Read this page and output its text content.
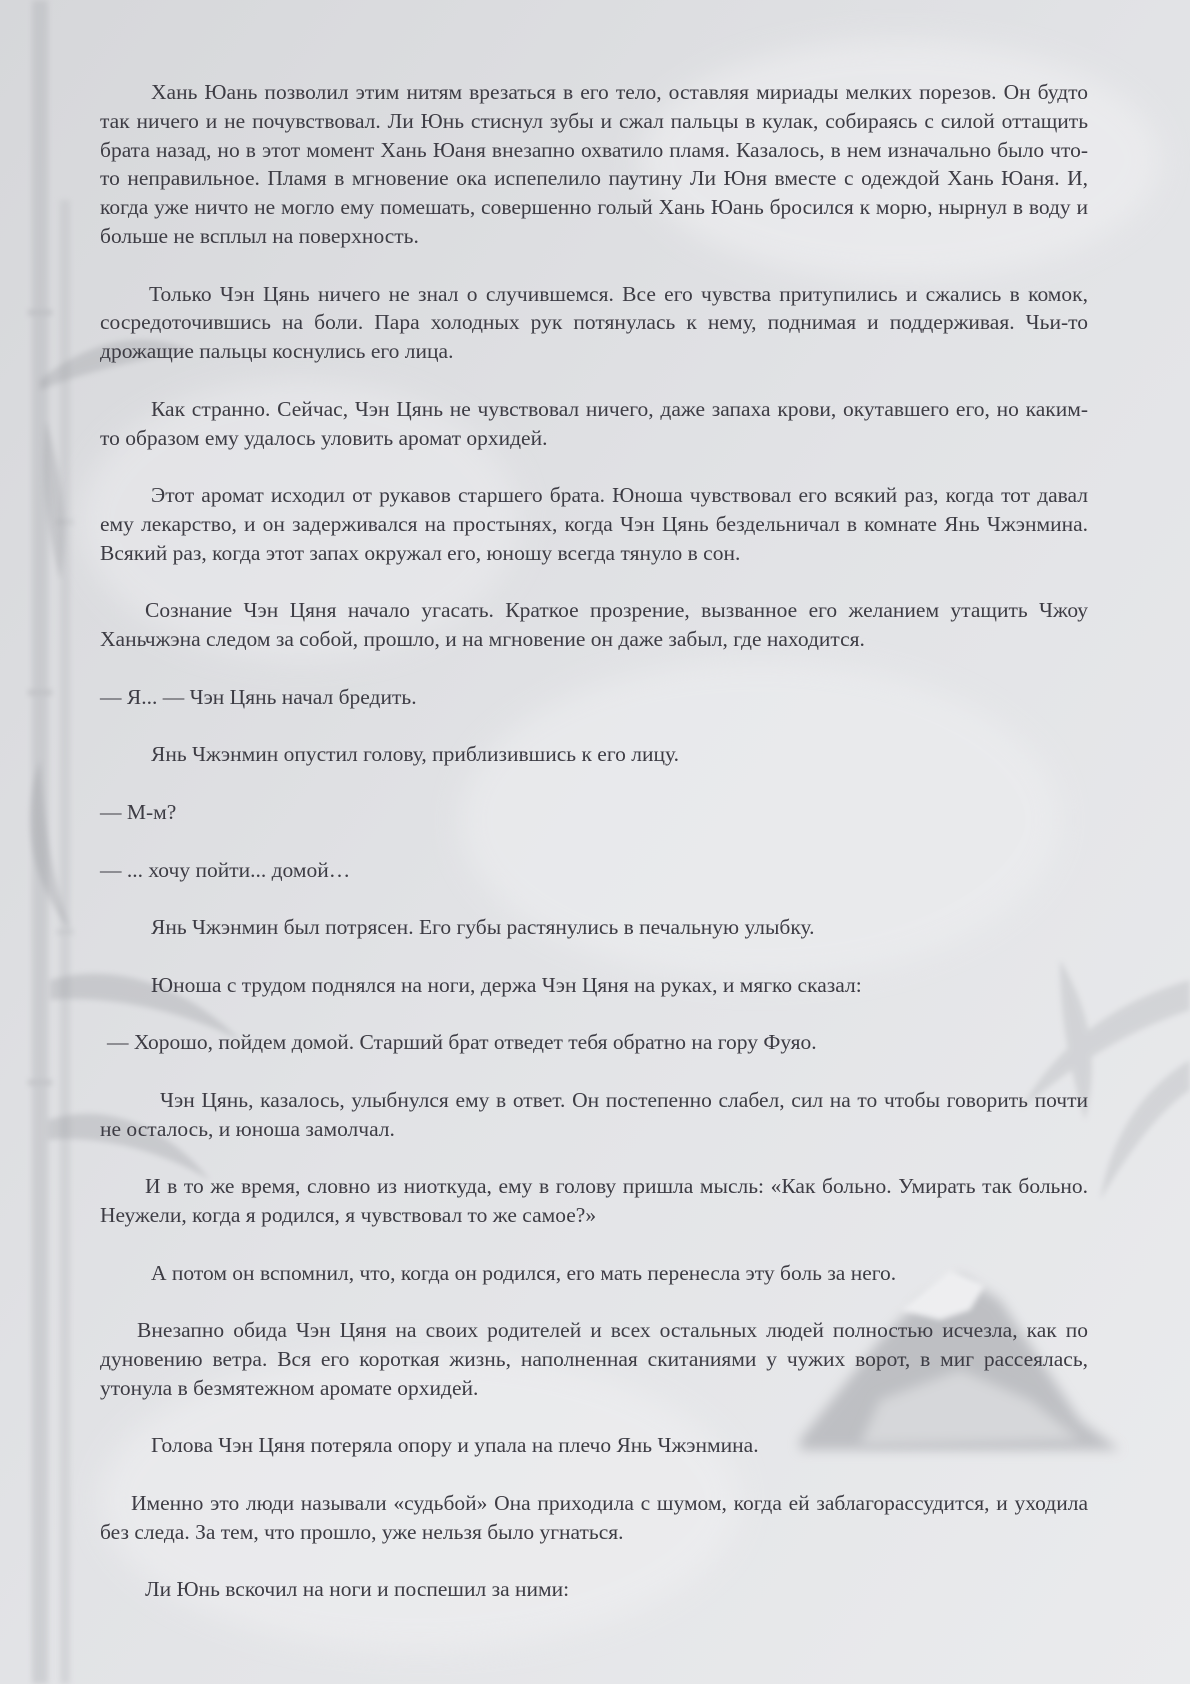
Хань Юань позволил этим нитям врезаться в его тело, оставляя мириады мелких порезов. Он будто так ничего и не почувствовал. Ли Юнь стиснул зубы и сжал пальцы в кулак, собираясь с силой оттащить брата назад, но в этот момент Хань Юаня внезапно охватило пламя. Казалось, в нем изначально было что-то неправильное. Пламя в мгновение ока испепелило паутину Ли Юня вместе с одеждой Хань Юаня. И, когда уже ничто не могло ему помешать, совершенно голый Хань Юань бросился к морю, нырнул в воду и больше не всплыл на поверхность.

Только Чэн Цянь ничего не знал о случившемся. Все его чувства притупились и сжались в комок, сосредоточившись на боли. Пара холодных рук потянулась к нему, поднимая и поддерживая. Чьи-то дрожащие пальцы коснулись его лица.

Как странно. Сейчас, Чэн Цянь не чувствовал ничего, даже запаха крови, окутавшего его, но каким-то образом ему удалось уловить аромат орхидей.

Этот аромат исходил от рукавов старшего брата. Юноша чувствовал его всякий раз, когда тот давал ему лекарство, и он задерживался на простынях, когда Чэн Цянь бездельничал в комнате Янь Чжэнмина. Всякий раз, когда этот запах окружал его, юношу всегда тянуло в сон.

Сознание Чэн Цяня начало угасать. Краткое прозрение, вызванное его желанием утащить Чжоу Ханьчжэна следом за собой, прошло, и на мгновение он даже забыл, где находится.

— Я... — Чэн Цянь начал бредить.

Янь Чжэнмин опустил голову, приблизившись к его лицу.

— М-м?

— ... хочу пойти... домой…

Янь Чжэнмин был потрясен. Его губы растянулись в печальную улыбку.

Юноша с трудом поднялся на ноги, держа Чэн Цяня на руках, и мягко сказал:

— Хорошо, пойдем домой. Старший брат отведет тебя обратно на гору Фуяо.

Чэн Цянь, казалось, улыбнулся ему в ответ. Он постепенно слабел, сил на то чтобы говорить почти не осталось, и юноша замолчал.

И в то же время, словно из ниоткуда, ему в голову пришла мысль: «Как больно. Умирать так больно. Неужели, когда я родился, я чувствовал то же самое?»

А потом он вспомнил, что, когда он родился, его мать перенесла эту боль за него.

Внезапно обида Чэн Цяня на своих родителей и всех остальных людей полностью исчезла, как по дуновению ветра. Вся его короткая жизнь, наполненная скитаниями у чужих ворот, в миг рассеялась, утонула в безмятежном аромате орхидей.

Голова Чэн Цяня потеряла опору и упала на плечо Янь Чжэнмина.

Именно это люди называли «судьбой» Она приходила с шумом, когда ей заблагорассудится, и уходила без следа. За тем, что прошло, уже нельзя было угнаться.

Ли Юнь вскочил на ноги и поспешил за ними:
